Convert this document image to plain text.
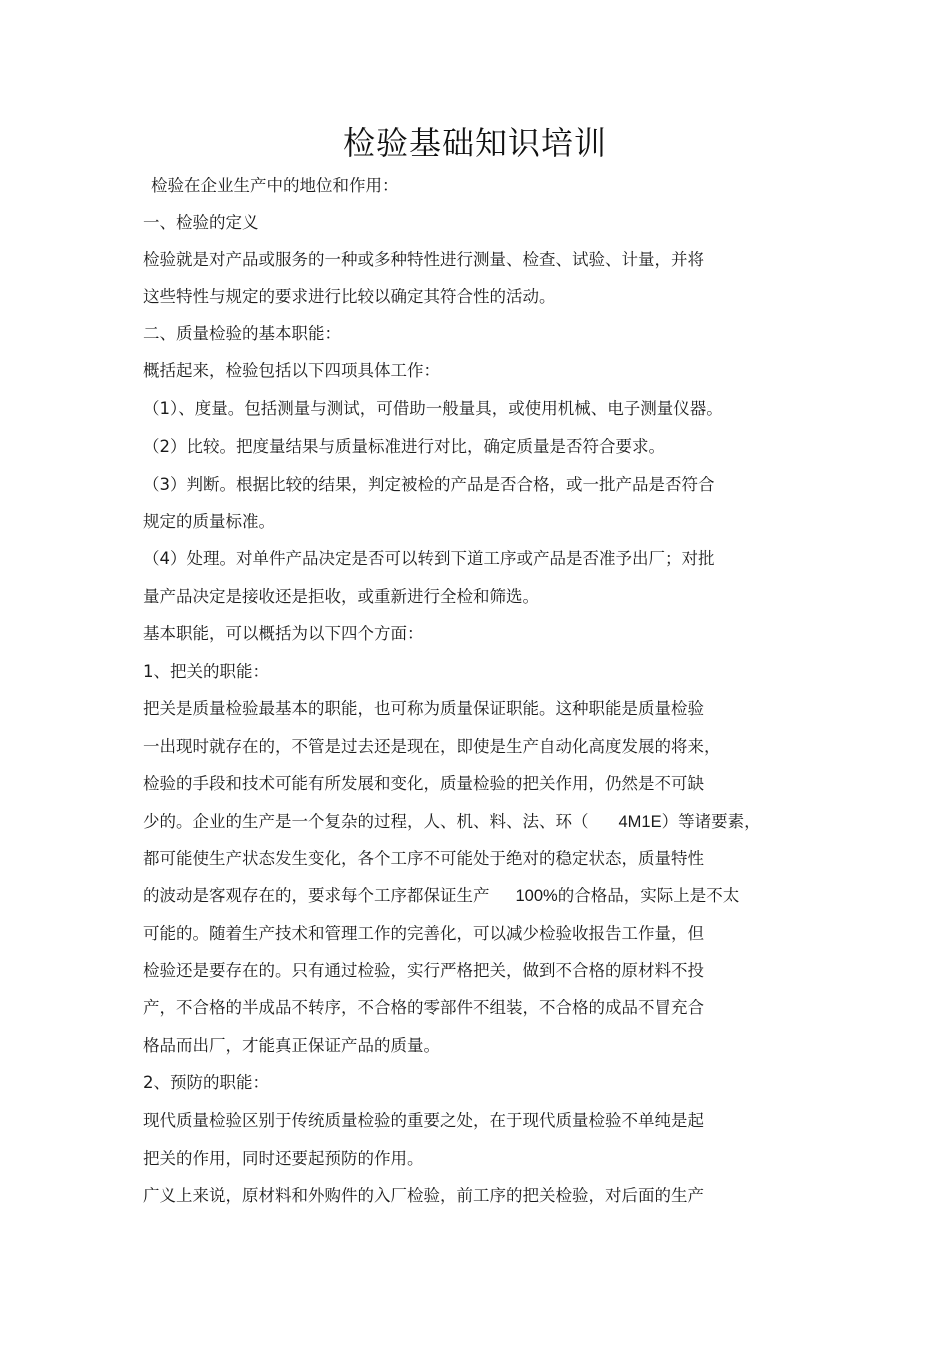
检验基础知识培训
检验在企业生产中的地位和作用：
一、检验的定义
检验就是对产品或服务的一种或多种特性进行测量、检查、试验、计量，并将
这些特性与规定的要求进行比较以确定其符合性的活动。
二、质量检验的基本职能：
概括起来，检验包括以下四项具体工作：
（1）、度量。包括测量与测试，可借助一般量具，或使用机械、电子测量仪器。
（2）比较。把度量结果与质量标准进行对比，确定质量是否符合要求。
（3）判断。根据比较的结果，判定被检的产品是否合格，或一批产品是否符合
规定的质量标准。
（4）处理。对单件产品决定是否可以转到下道工序或产品是否准予出厂；对批
量产品决定是接收还是拒收，或重新进行全检和筛选。
基本职能，可以概括为以下四个方面：
1、把关的职能：
把关是质量检验最基本的职能，也可称为质量保证职能。这种职能是质量检验
一出现时就存在的，不管是过去还是现在，即使是生产自动化高度发展的将来，
检验的手段和技术可能有所发展和变化，质量检验的把关作用，仍然是不可缺
少的。企业的生产是一个复杂的过程，人、机、料、法、环（ 4M1E）等诸要素，
都可能使生产状态发生变化，各个工序不可能处于绝对的稳定状态，质量特性
的波动是客观存在的，要求每个工序都保证生产 100%的合格品，实际上是不太
可能的。随着生产技术和管理工作的完善化，可以减少检验收报告工作量，但
检验还是要存在的。只有通过检验，实行严格把关，做到不合格的原材料不投
产，不合格的半成品不转序，不合格的零部件不组装，不合格的成品不冒充合
格品而出厂，才能真正保证产品的质量。
2、预防的职能：
现代质量检验区别于传统质量检验的重要之处，在于现代质量检验不单纯是起
把关的作用，同时还要起预防的作用。
广义上来说，原材料和外购件的入厂检验，前工序的把关检验，对后面的生产
